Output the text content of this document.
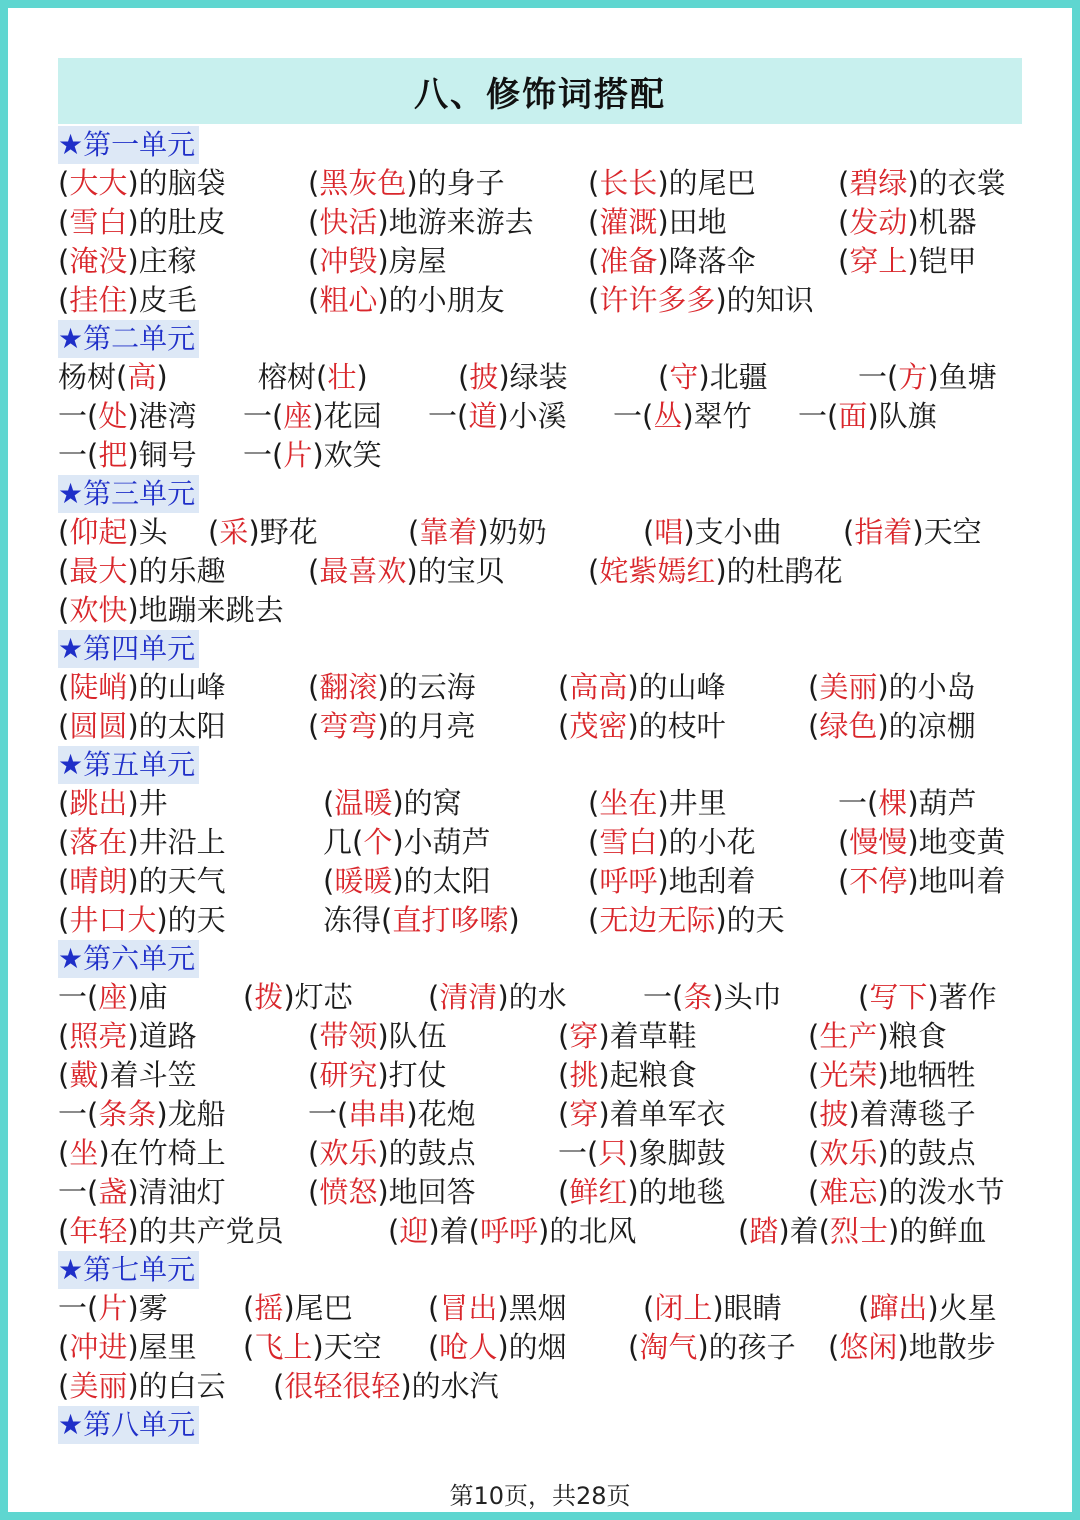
八、修饰词搭配
★第一单元
(大大)的脑袋	(黑灰色)的身子	(长长)的尾巴	(碧绿)的衣裳
(雪白)的肚皮	(快活)地游来游去 (灌溉)田地	(发动)机器
(淹没)庄稼	(冲毁)房屋	(准备)降落伞	(穿上)铠甲
(挂住)皮毛	(粗心)的小朋友	(许许多多)的知识
★第二单元
杨树(高)	榕树(壮)	(披)绿装	(守)北疆	一(方)鱼塘
一(处)港湾 一(座)花园 一(道)小溪 一(丛)翠竹 一(面)队旗
一(把)铜号 一(片)欢笑
★第三单元
(仰起)头 (采)野花	(靠着)奶奶	(唱)支小曲 (指着)天空
(最大)的乐趣	(最喜欢)的宝贝	(姹紫嫣红)的杜鹃花
(欢快)地蹦来跳去
★第四单元
(陡峭)的山峰	(翻滚)的云海	(高高)的山峰	(美丽)的小岛
(圆圆)的太阳	(弯弯)的月亮	(茂密)的枝叶	(绿色)的凉棚
★第五单元
(跳出)井	(温暖)的窝	(坐在)井里	一(棵)葫芦
(落在)井沿上	几(个)小葫芦	(雪白)的小花	(慢慢)地变黄
(晴朗)的天气	(暖暖)的太阳	(呼呼)地刮着	(不停)地叫着
(井口大)的天	冻得(直打哆嗦) (无边无际)的天
★第六单元
一(座)庙	(拨)灯芯	(清清)的水	一(条)头巾	(写下)著作
(照亮)道路	(带领)队伍	(穿)着草鞋	(生产)粮食
(戴)着斗笠	(研究)打仗	(挑)起粮食	(光荣)地牺牲
一(条条)龙船	一(串串)花炮	(穿)着单军衣	(披)着薄毯子
(坐)在竹椅上	(欢乐)的鼓点	一(只)象脚鼓	(欢乐)的鼓点
一(盏)清油灯	(愤怒)地回答	(鲜红)的地毯	(难忘)的泼水节
(年轻)的共产党员	(迎)着(呼呼)的北风	(踏)着(烈士)的鲜血
★第七单元
一(片)雾	(摇)尾巴	(冒出)黑烟	(闭上)眼睛	(蹿出)火星
(冲进)屋里 (飞上)天空 (呛人)的烟 (淘气)的孩子 (悠闲)地散步
(美丽)的白云 (很轻很轻)的水汽
★第八单元
第10页，共28页
